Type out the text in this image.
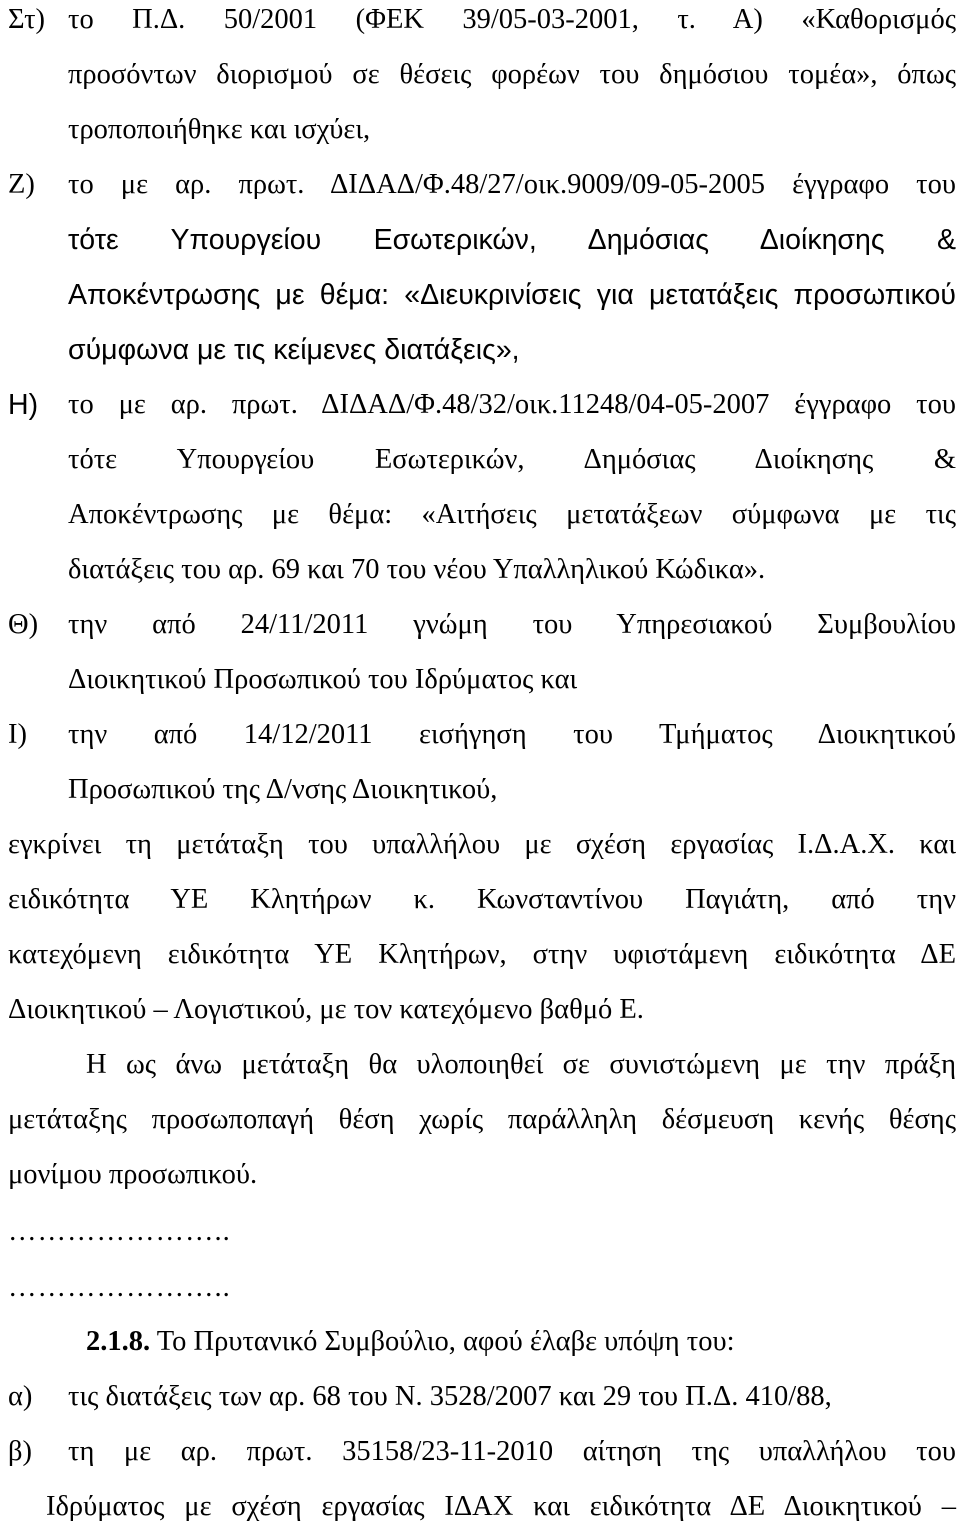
Στ) το Π.Δ. 50/2001 (ΦΕΚ 39/05-03-2001, τ. Α) «Καθορισμός
προσόντων διορισμού σε θέσεις φορέων του δημόσιου τομέα», όπως
τροποποιήθηκε και ισχύει,
Ζ) το με αρ. πρωτ. ΔΙΔΑΔ/Φ.48/27/οικ.9009/09-05-2005 έγγραφο του
τότε Υπουργείου Εσωτερικών, Δημόσιας Διοίκησης &
Αποκέντρωσης με θέμα: «Διευκρινίσεις για μετατάξεις προσωπικού
σύμφωνα με τις κείμενες διατάξεις»,
Η) το με αρ. πρωτ. ΔΙΔΑΔ/Φ.48/32/οικ.11248/04-05-2007 έγγραφο του
τότε Υπουργείου Εσωτερικών, Δημόσιας Διοίκησης &
Αποκέντρωσης με θέμα: «Αιτήσεις μετατάξεων σύμφωνα με τις
διατάξεις του αρ. 69 και 70 του νέου Υπαλληλικού Κώδικα».
Θ) την από 24/11/2011 γνώμη του Υπηρεσιακού Συμβουλίου
Διοικητικού Προσωπικού του Ιδρύματος και
Ι) την από 14/12/2011 εισήγηση του Τμήματος Διοικητικού
Προσωπικού της Δ/νσης Διοικητικού,
εγκρίνει τη μετάταξη του υπαλλήλου με σχέση εργασίας Ι.Δ.Α.Χ. και
ειδικότητα ΥΕ Κλητήρων κ. Κωνσταντίνου Παγιάτη, από την
κατεχόμενη ειδικότητα ΥΕ Κλητήρων, στην υφιστάμενη ειδικότητα ΔΕ
Διοικητικού – Λογιστικού, με τον κατεχόμενο βαθμό Ε.
Η ως άνω μετάταξη θα υλοποιηθεί σε συνιστώμενη με την πράξη
μετάταξης προσωποπαγή θέση χωρίς παράλληλη δέσμευση κενής θέσης
μονίμου προσωπικού.
…………………..
…………………..
2.1.8. Το Πρυτανικό Συμβούλιο, αφού έλαβε υπόψη του:
α) τις διατάξεις των αρ. 68 του Ν. 3528/2007 και 29 του Π.Δ. 410/88,
β) τη με αρ. πρωτ. 35158/23-11-2010 αίτηση της υπαλλήλου του
Ιδρύματος με σχέση εργασίας ΙΔΑΧ και ειδικότητα ΔΕ Διοικητικού –
